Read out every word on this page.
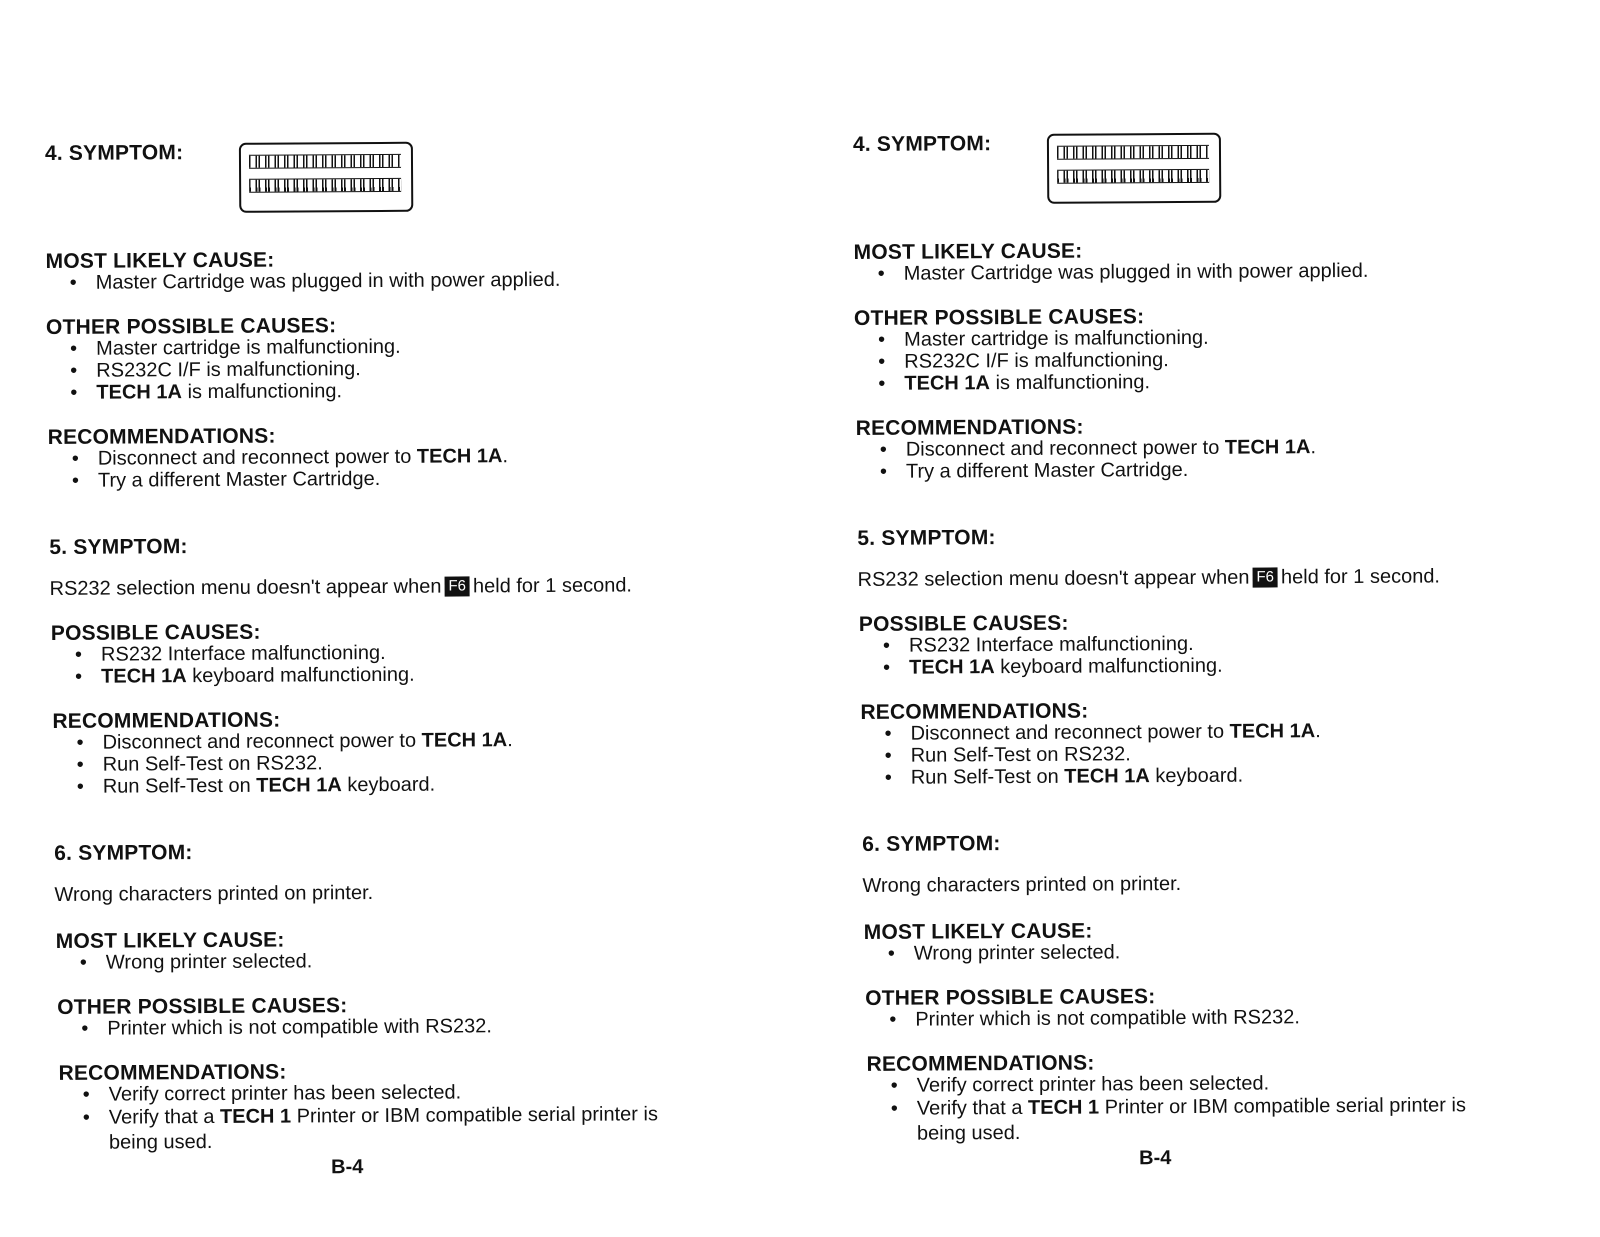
4. SYMPTOM:
MOST LIKELY CAUSE:
• Master Cartridge was plugged in with power applied.
OTHER POSSIBLE CAUSES:
• Master cartridge is malfunctioning.
• RS232C I/F is malfunctioning.
• TECH 1A is malfunctioning.
RECOMMENDATIONS:
• Disconnect and reconnect power to TECH 1A.
• Try a different Master Cartridge.
5. SYMPTOM:
RS232 selection menu doesn't appear when F6 held for 1 second.
POSSIBLE CAUSES:
• RS232 Interface malfunctioning.
• TECH 1A keyboard malfunctioning.
RECOMMENDATIONS:
• Disconnect and reconnect power to TECH 1A.
• Run Self-Test on RS232.
• Run Self-Test on TECH 1A keyboard.
6. SYMPTOM:
Wrong characters printed on printer.
MOST LIKELY CAUSE:
• Wrong printer selected.
OTHER POSSIBLE CAUSES:
• Printer which is not compatible with RS232.
RECOMMENDATIONS:
• Verify correct printer has been selected.
• Verify that a TECH 1 Printer or IBM compatible serial printer is being used.
B-4
4. SYMPTOM:
MOST LIKELY CAUSE:
• Master Cartridge was plugged in with power applied.
OTHER POSSIBLE CAUSES:
• Master cartridge is malfunctioning.
• RS232C I/F is malfunctioning.
• TECH 1A is malfunctioning.
RECOMMENDATIONS:
• Disconnect and reconnect power to TECH 1A.
• Try a different Master Cartridge.
5. SYMPTOM:
RS232 selection menu doesn't appear when F6 held for 1 second.
POSSIBLE CAUSES:
• RS232 Interface malfunctioning.
• TECH 1A keyboard malfunctioning.
RECOMMENDATIONS:
• Disconnect and reconnect power to TECH 1A.
• Run Self-Test on RS232.
• Run Self-Test on TECH 1A keyboard.
6. SYMPTOM:
Wrong characters printed on printer.
MOST LIKELY CAUSE:
• Wrong printer selected.
OTHER POSSIBLE CAUSES:
• Printer which is not compatible with RS232.
RECOMMENDATIONS:
• Verify correct printer has been selected.
• Verify that a TECH 1 Printer or IBM compatible serial printer is being used.
B-4
